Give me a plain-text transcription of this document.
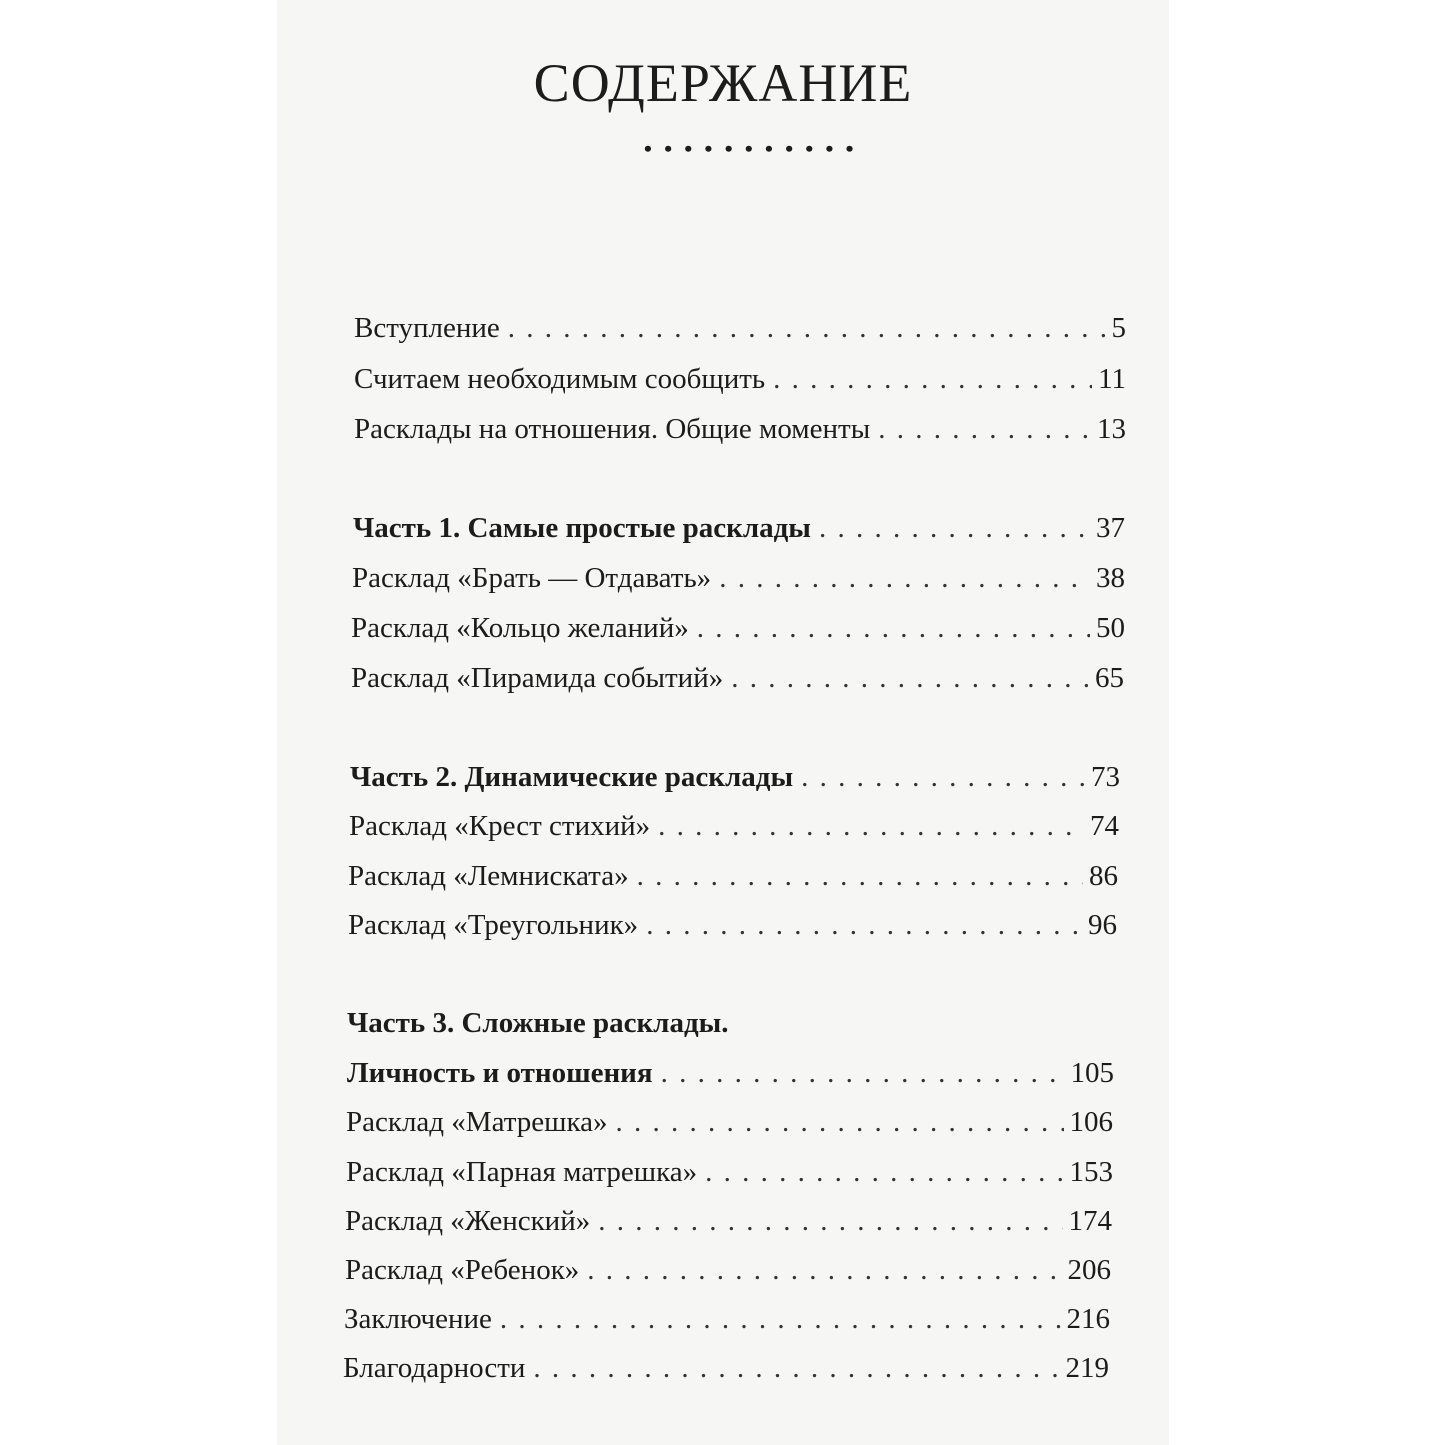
СОДЕРЖАНИЕ
• • • • • • • • • • •
Вступление . . .	5
Считаем необходимым сообщить . . .	11
Расклады на отношения. Общие моменты . . .	13
Часть 1. Самые простые расклады . . .	37
Расклад «Брать — Отдавать» . . .	38
Расклад «Кольцо желаний» . . .	50
Расклад «Пирамида событий» . . .	65
Часть 2. Динамические расклады . . .	73
Расклад «Крест стихий» . . .	74
Расклад «Лемниската» . . .	86
Расклад «Треугольник» . . .	96
Часть 3. Сложные расклады.
Личность и отношения . . .	105
Расклад «Матрешка» . . .	106
Расклад «Парная матрешка» . . .	153
Расклад «Женский» . . .	174
Расклад «Ребенок» . . .	206
Заключение . . .	216
Благодарности . . .	219
